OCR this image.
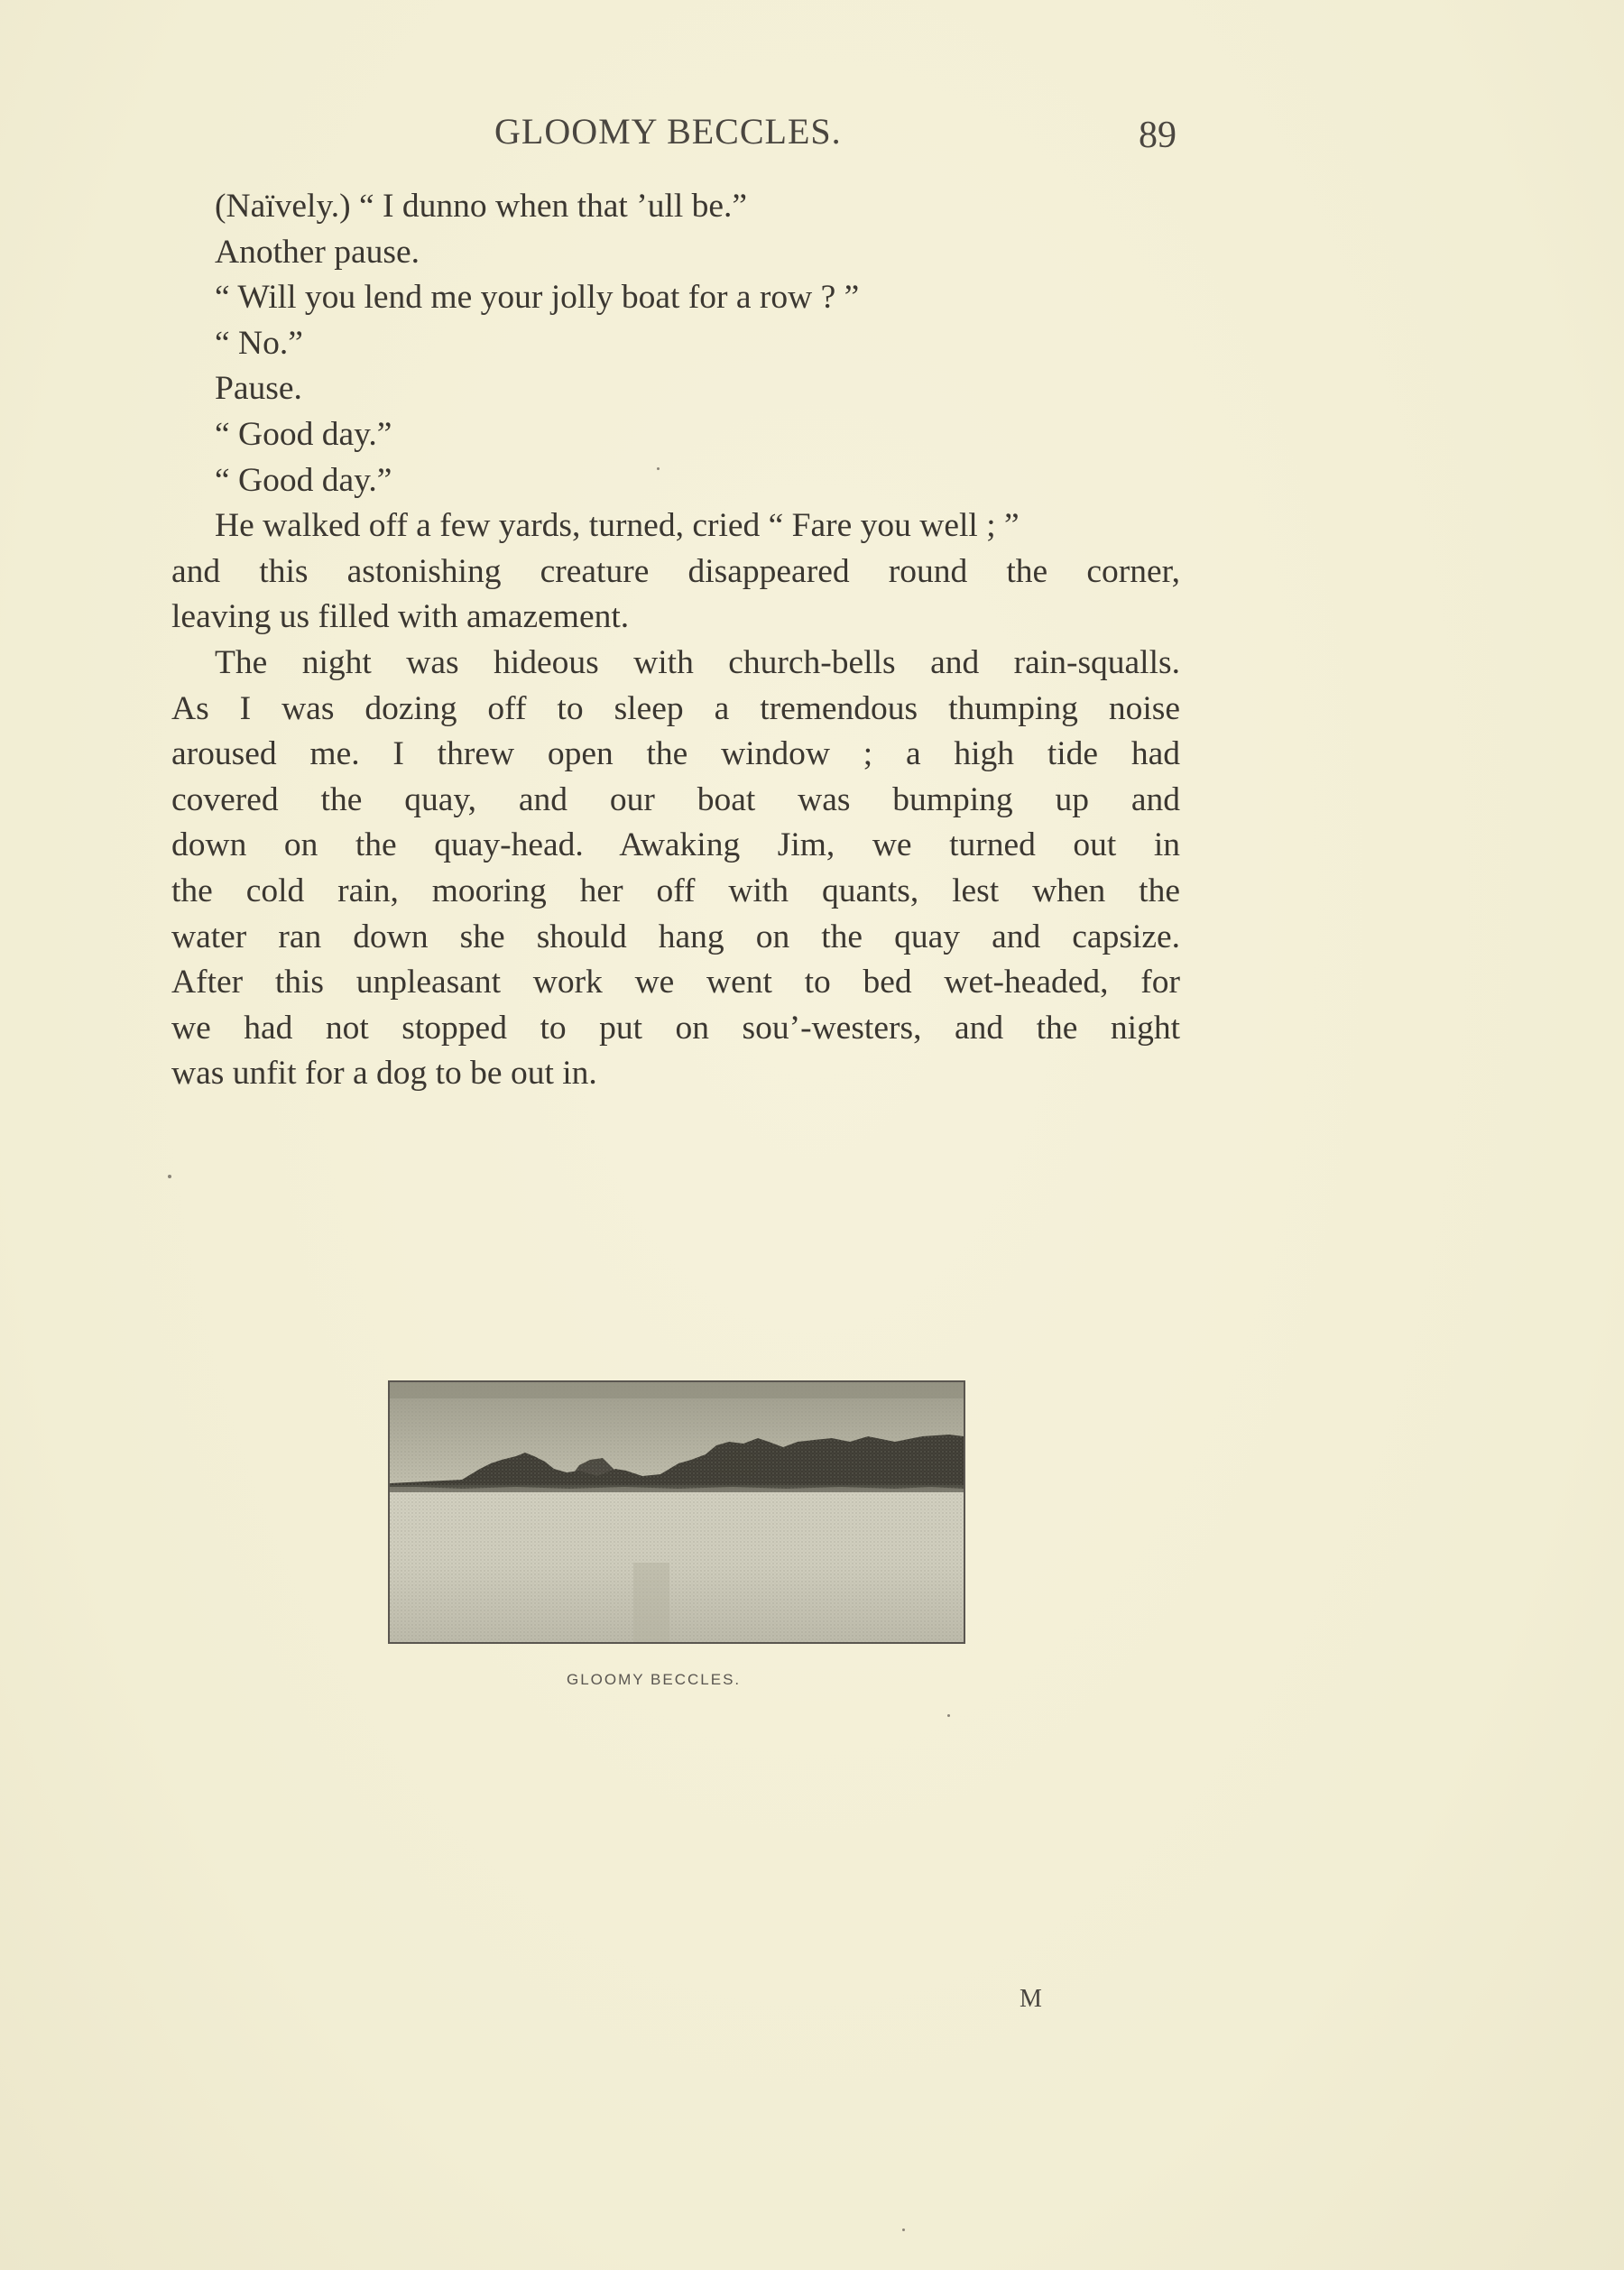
GLOOMY BECCLES.	89
(Naïvely.) “ I dunno when that ’ull be.”
Another pause.
“ Will you lend me your jolly boat for a row ? ”
“ No.”
Pause.
“ Good day.”
“ Good day.”
He walked off a few yards, turned, cried “ Fare you well ; ”
and this astonishing creature disappeared round the corner,
leaving us filled with amazement.
The night was hideous with church-bells and rain-squalls.
As I was dozing off to sleep a tremendous thumping noise
aroused me. I threw open the window ; a high tide had
covered the quay, and our boat was bumping up and
down on the quay-head. Awaking Jim, we turned out in
the cold rain, mooring her off with quants, lest when the
water ran down she should hang on the quay and capsize.
After this unpleasant work we went to bed wet-headed, for
we had not stopped to put on sou’-westers, and the night
was unfit for a dog to be out in.
GLOOMY BECCLES.
M
